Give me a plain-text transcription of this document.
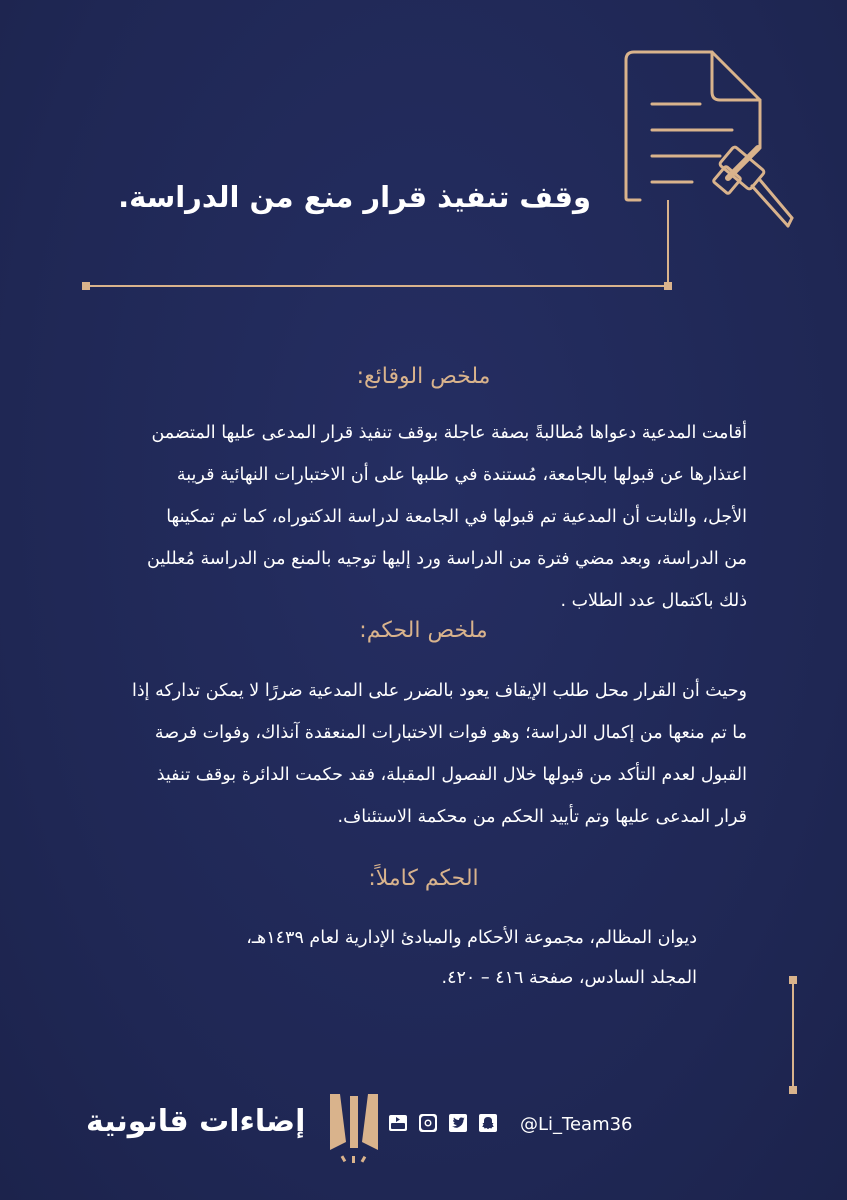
وقف تنفيذ قرار منع من الدراسة.
ملخص الوقائع:
أقامت المدعية دعواها مُطالبةً بصفة عاجلة بوقف تنفيذ قرار المدعى عليها المتضمن
اعتذارها عن قبولها بالجامعة، مُستندة في طلبها على أن الاختبارات النهائية قريبة
الأجل، والثابت أن المدعية تم قبولها في الجامعة لدراسة الدكتوراه، كما تم تمكينها
من الدراسة، وبعد مضي فترة من الدراسة ورد إليها توجيه بالمنع من الدراسة مُعللين
ذلك باكتمال عدد الطلاب .
ملخص الحكم:
وحيث أن القرار محل طلب الإيقاف يعود بالضرر على المدعية ضررًا لا يمكن تداركه إذا
ما تم منعها من إكمال الدراسة؛ وهو فوات الاختبارات المنعقدة آنذاك، وفوات فرصة
القبول لعدم التأكد من قبولها خلال الفصول المقبلة، فقد حكمت الدائرة بوقف تنفيذ
قرار المدعى عليها وتم تأييد الحكم من محكمة الاستئناف.
الحكم كاملاً:
ديوان المظالم، مجموعة الأحكام والمبادئ الإدارية لعام ١٤٣٩هـ،
المجلد السادس، صفحة ٤١٦ – ٤٢٠.
إضاءات قانونية	@Li_Team36
